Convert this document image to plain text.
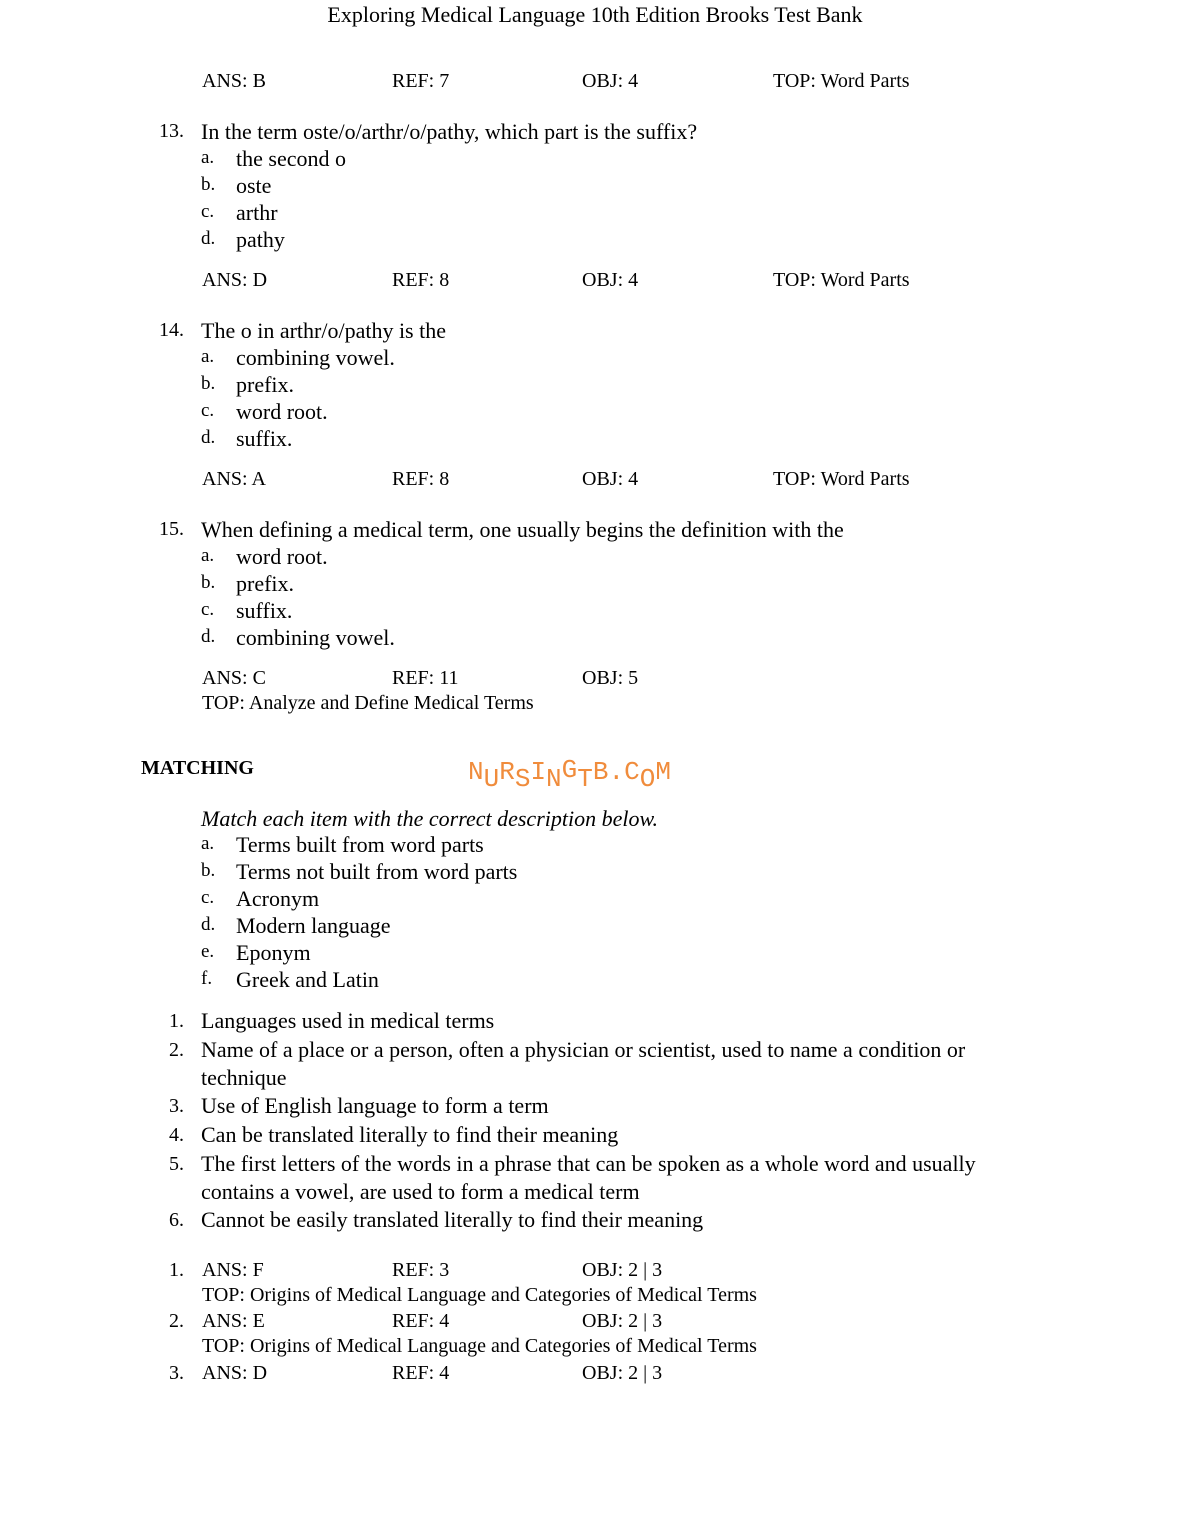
Exploring Medical Language 10th Edition Brooks Test Bank
ANS: B	REF: 7	OBJ: 4	TOP: Word Parts
13. In the term oste/o/arthr/o/pathy, which part is the suffix?
a. the second o
b. oste
c. arthr
d. pathy
ANS: D	REF: 8	OBJ: 4	TOP: Word Parts
14. The o in arthr/o/pathy is the
a. combining vowel.
b. prefix.
c. word root.
d. suffix.
ANS: A	REF: 8	OBJ: 4	TOP: Word Parts
15. When defining a medical term, one usually begins the definition with the
a. word root.
b. prefix.
c. suffix.
d. combining vowel.
ANS: C	REF: 11	OBJ: 5
TOP: Analyze and Define Medical Terms
MATCHING	NURSINGTB.COM
Match each item with the correct description below.
a. Terms built from word parts
b. Terms not built from word parts
c. Acronym
d. Modern language
e. Eponym
f. Greek and Latin
1. Languages used in medical terms
2. Name of a place or a person, often a physician or scientist, used to name a condition or
technique
3. Use of English language to form a term
4. Can be translated literally to find their meaning
5. The first letters of the words in a phrase that can be spoken as a whole word and usually
contains a vowel, are used to form a medical term
6. Cannot be easily translated literally to find their meaning
1. ANS: F	REF: 3	OBJ: 2 | 3
TOP: Origins of Medical Language and Categories of Medical Terms
2. ANS: E	REF: 4	OBJ: 2 | 3
TOP: Origins of Medical Language and Categories of Medical Terms
3. ANS: D	REF: 4	OBJ: 2 | 3
